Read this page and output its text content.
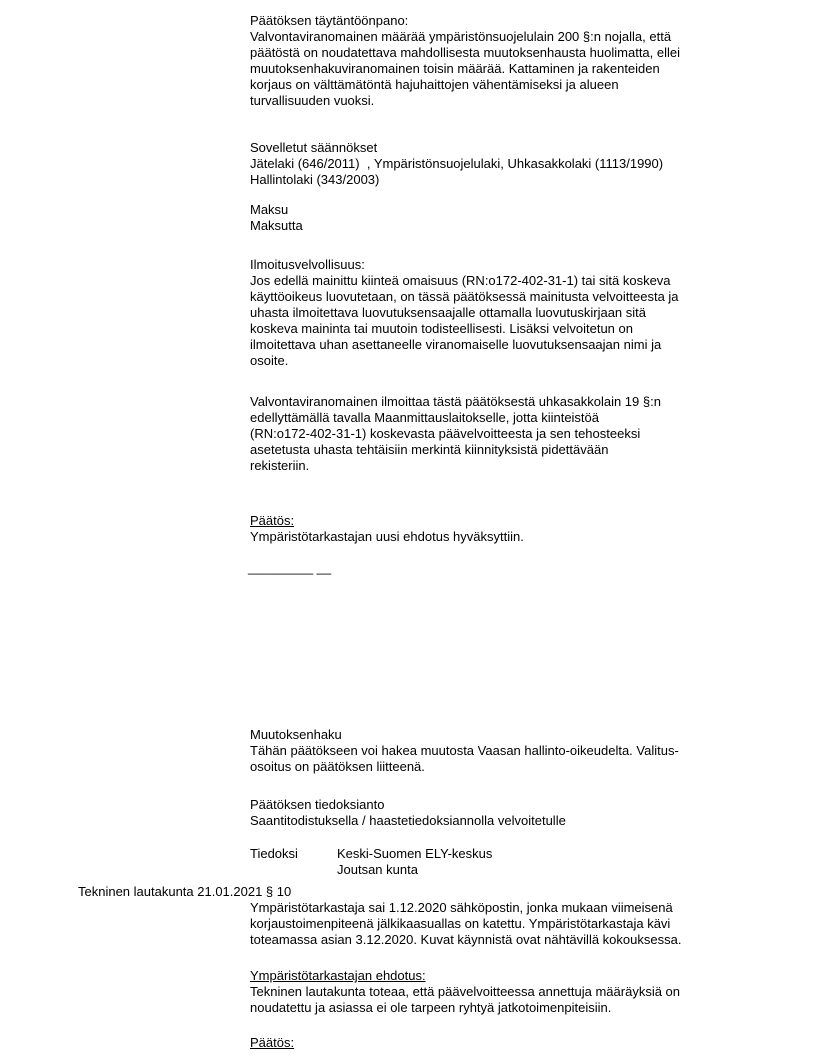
Päätöksen täytäntöönpano:
Valvontaviranomainen määrää ympäristönsuojelulain 200 §:n nojalla, että
päätöstä on noudatettava mahdollisesta muutoksenhausta huolimatta, ellei
muutoksenhakuviranomainen toisin määrää. Kattaminen ja rakenteiden
korjaus on välttämätöntä hajuhaittojen vähentämiseksi ja alueen
turvallisuuden vuoksi.
Sovelletut säännökset
Jätelaki (646/2011)  , Ympäristönsuojelulaki, Uhkasakkolaki (1113/1990)
Hallintolaki (343/2003)
Maksu
Maksutta
Ilmoitusvelvollisuus:
Jos edellä mainittu kiinteä omaisuus (RN:o172-402-31-1) tai sitä koskeva
käyttöoikeus luovutetaan, on tässä päätöksessä mainitusta velvoitteesta ja
uhasta ilmoitettava luovutuksensaajalle ottamalla luovutuskirjaan sitä
koskeva maininta tai muutoin todisteellisesti. Lisäksi velvoitetun on
ilmoitettava uhan asettaneelle viranomaiselle luovutuksensaajan nimi ja
osoite.
Valvontaviranomainen ilmoittaa tästä päätöksestä uhkasakkolain 19 §:n
edellyttämällä tavalla Maanmittauslaitokselle, jotta kiinteistöä
(RN:o172-402-31-1) koskevasta päävelvoitteesta ja sen tehosteeksi
asetetusta uhasta tehtäisiin merkintä kiinnityksistä pidettävään
rekisteriin.
Päätös:
Ympäristötarkastajan uusi ehdotus hyväksyttiin.
_________ __
Muutoksenhaku
Tähän päätökseen voi hakea muutosta Vaasan hallinto-oikeudelta. Valitus-
osoitus on päätöksen liitteenä.
Päätöksen tiedoksianto
Saantitodistuksella / haastetiedoksiannolla velvoitetulle
Tiedoksi	Keski-Suomen ELY-keskus
Joutsan kunta
Tekninen lautakunta 21.01.2021 § 10
Ympäristötarkastaja sai 1.12.2020 sähköpostin, jonka mukaan viimeisenä
korjaustoimenpiteenä jälkikaasuallas on katettu. Ympäristötarkastaja kävi
toteamassa asian 3.12.2020. Kuvat käynnistä ovat nähtävillä kokouksessa.
Ympäristötarkastajan ehdotus:
Tekninen lautakunta toteaa, että päävelvoitteessa annettuja määräyksiä on
noudatettu ja asiassa ei ole tarpeen ryhtyä jatkotoimenpiteisiin.
Päätös:
